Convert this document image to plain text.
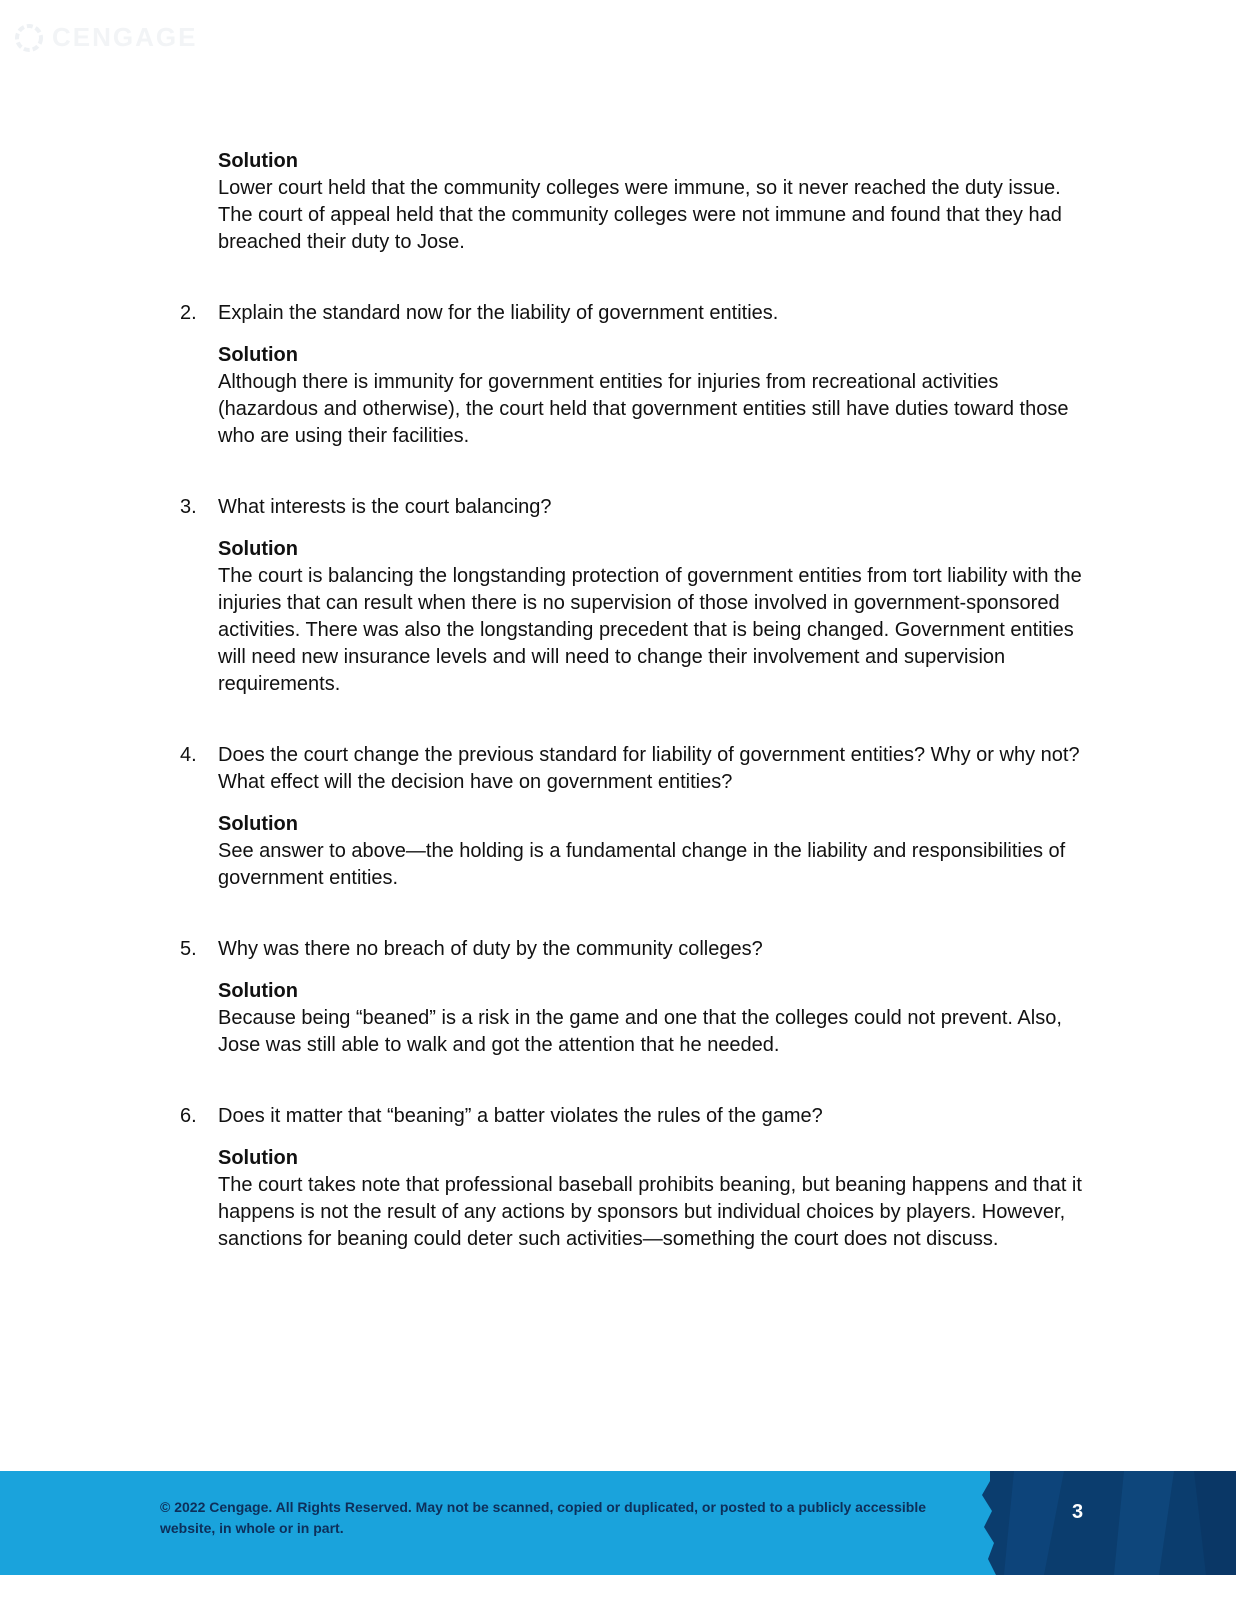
CENGAGE
Solution
Lower court held that the community colleges were immune, so it never reached the duty issue. The court of appeal held that the community colleges were not immune and found that they had breached their duty to Jose.
2.	Explain the standard now for the liability of government entities.
Solution
Although there is immunity for government entities for injuries from recreational activities (hazardous and otherwise), the court held that government entities still have duties toward those who are using their facilities.
3.	What interests is the court balancing?
Solution
The court is balancing the longstanding protection of government entities from tort liability with the injuries that can result when there is no supervision of those involved in government-sponsored activities. There was also the longstanding precedent that is being changed. Government entities will need new insurance levels and will need to change their involvement and supervision requirements.
4.	Does the court change the previous standard for liability of government entities? Why or why not? What effect will the decision have on government entities?
Solution
See answer to above—the holding is a fundamental change in the liability and responsibilities of government entities.
5.	Why was there no breach of duty by the community colleges?
Solution
Because being “beaned” is a risk in the game and one that the colleges could not prevent. Also, Jose was still able to walk and got the attention that he needed.
6.	Does it matter that “beaning” a batter violates the rules of the game?
Solution
The court takes note that professional baseball prohibits beaning, but beaning happens and that it happens is not the result of any actions by sponsors but individual choices by players. However, sanctions for beaning could deter such activities—something the court does not discuss.
© 2022 Cengage. All Rights Reserved. May not be scanned, copied or duplicated, or posted to a publicly accessible website, in whole or in part.
3
